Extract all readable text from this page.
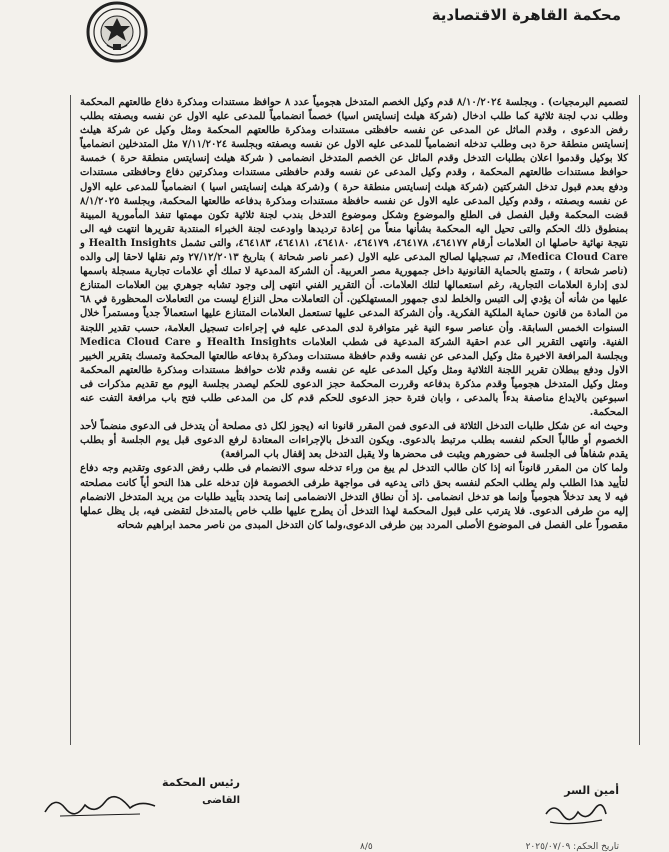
محكمة القاهرة الاقتصادية

لتصميم البرمجيات) . وبجلسة ٨/١٠/٢٠٢٤ قدم وكيل الخصم المتدخل هجومياً عدد ٨ حوافظ مستندات ومذكرة دفاع طالعتهم المحكمة وطلب ندب لجنة ثلاثية كما طلب ادخال (شركة هيلث إنسايتس اسيا) خصماً انضمامياً للمدعى عليه الاول عن نفسه وبصفته بطلب رفض الدعوى ، وقدم الماثل عن المدعى عن نفسه حافظتى مستندات ومذكرة طالعتهم المحكمة ومثل وكيل عن شركة هيلث إنسايتس منطقة حرة دبى وطلب تدخله انضمامياً للمدعى عليه الاول عن نفسه وبصفته وبجلسة ٧/١١/٢٠٢٤ مثل المتدخلين انضمامياً كلا بوكيل وقدموا اعلان بطلبات التدخل وقدم الماثل عن الخصم المتدخل انضمامى ( شركة هيلث إنسايتس منطقة حرة ) خمسة حوافظ مستندات طالعتهم المحكمة ، وقدم وكيل المدعى عن نفسه وقدم حافظتى مستندات ومذكرتين دفاع وحافظتى مستندات ودفع بعدم قبول تدخل الشركتين (شركة هيلث إنسايتس منطقة حرة ) و(شركة هيلث إنسايتس اسيا ) انضمامياً للمدعى عليه الاول عن نفسه وبصفته ، وقدم وكيل المدعى عليه الاول عن نفسه حافظة مستندات ومذكرة بدفاعه طالعتها المحكمة، وبجلسة ٨/١/٢٠٢٥ قضت المحكمة وقبل الفصل فى الطلع والموضوع وشكل وموضوع التدخل بندب لجنة ثلاثية تكون مهمتها تنفذ المأمورية المبينة بمنطوق ذلك الحكم والتى تحيل اليه المحكمة بشأنها منعاً من إعادة ترديدها واودعت لجنة الخبراء المنتدبة تقريرها انتهت فيه الى نتيجة نهائية حاصلها ان العلامات أرقام ٤٦٤١٧٧، ٤٦٤١٧٨، ٤٦٤١٧٩، ٤٦٤١٨٠، ٤٦٤١٨١، ٤٦٤١٨٣، والتى تشمل Health Insights و Medica Cloud Care، تم تسجيلها لصالح المدعى عليه الاول (عمر ناصر شحاتة ) بتاريخ ٢٧/١٢/٢٠١٣ وتم نقلها لاحقا إلى والده (ناصر شحاتة ) ، وتتمتع بالحماية القانونية داخل جمهورية مصر العربية. أن الشركة المدعية لا تملك أي علامات تجارية مسجلة باسمها لدى إدارة العلامات التجارية، رغم استعمالها لتلك العلامات. أن التقرير الفني انتهى إلى وجود تشابه جوهري بين العلامات المتنازع عليها من شأنه أن يؤدي إلى التبس والخلط لدى جمهور المستهلكين. أن التعاملات محل النزاع ليست من التعاملات المحظورة في ٦٨ من المادة من قانون حماية الملكية الفكرية. وأن الشركة المدعى عليها تستعمل العلامات المتنازع عليها استعمالاً جدياً ومستمراً خلال السنوات الخمس السابقة. وأن عناصر سوء النية غير متوافرة لدى المدعى عليه في إجراءات تسجيل العلامة، حسب تقدير اللجنة الفنية. وانتهى التقرير الى عدم احقية الشركة المدعية فى شطب العلامات Health Insights و Medica Cloud Care وبجلسة المرافعة الاخيرة مثل وكيل المدعى عن نفسه وقدم حافظة مستندات ومذكرة بدفاعه طالعتها المحكمة وتمسك بتقرير الخبير الاول ودفع ببطلان تقرير اللجنة الثلاثية ومثل وكيل المدعى عليه عن نفسه وقدم ثلاث حوافظ مستندات ومذكرة طالعتهم المحكمة ومثل وكيل المتدخل هجومياً وقدم مذكرة بدفاعه وقررت المحكمة حجز الدعوى للحكم ليصدر بجلسة اليوم مع تقديم مذكرات فى اسبوعين بالايداع مناصفة بدءاً بالمدعى ، وابان فترة حجز الدعوى للحكم قدم كل من المدعى طلب فتح باب مرافعة التفت عنه المحكمة.

وحيث انه عن شكل طلبات التدخل الثلاثة فى الدعوى فمن المقرر قانونا انه (يجوز لكل ذى مصلحة أن يتدخل فى الدعوى منضماً لأحد الخصوم أو طالباً الحكم لنفسه بطلب مرتبط بالدعوى. ويكون التدخل بالإجراءات المعتادة لرفع الدعوى قبل يوم الجلسة أو بطلب يقدم شفاهاً فى الجلسة فى حضورهم ويثبت فى محضرها ولا يقبل التدخل بعد إقفال باب المرافعة)

ولما كان من المقرر قانوناً انه إذا كان طالب التدخل لم يبغ من وراء تدخله سوى الانضمام فى طلب رفض الدعوى وتقديم وجه دفاع لتأييد هذا الطلب ولم يطلب الحكم لنفسه بحق ذاتى يدعيه فى مواجهة طرفى الخصومة فإن تدخله على هذا النحو أياً كانت مصلحته فيه لا يعد تدخلاً هجومياً وإنما هو تدخل انضمامى .إذ أن نطاق التدخل الانضمامى إنما يتحدد بتأييد طلبات من يريد المتدخل الانضمام إليه من طرفى الدعوى. فلا يترتب على قبول المحكمة لهذا التدخل أن يطرح عليها طلب خاص بالمتدخل لتقضى فيه، بل يظل عملها مقصوراً على الفصل فى الموضوع الأصلى المردد بين طرفى الدعوى،ولما كان التدخل المبدى من ناصر محمد ابراهيم شحاته

رئيس المحكمة
القاضى
أمين السر
٨/٥	تاريخ الحكم: ٢٠٢٥/٠٧/٠٩
